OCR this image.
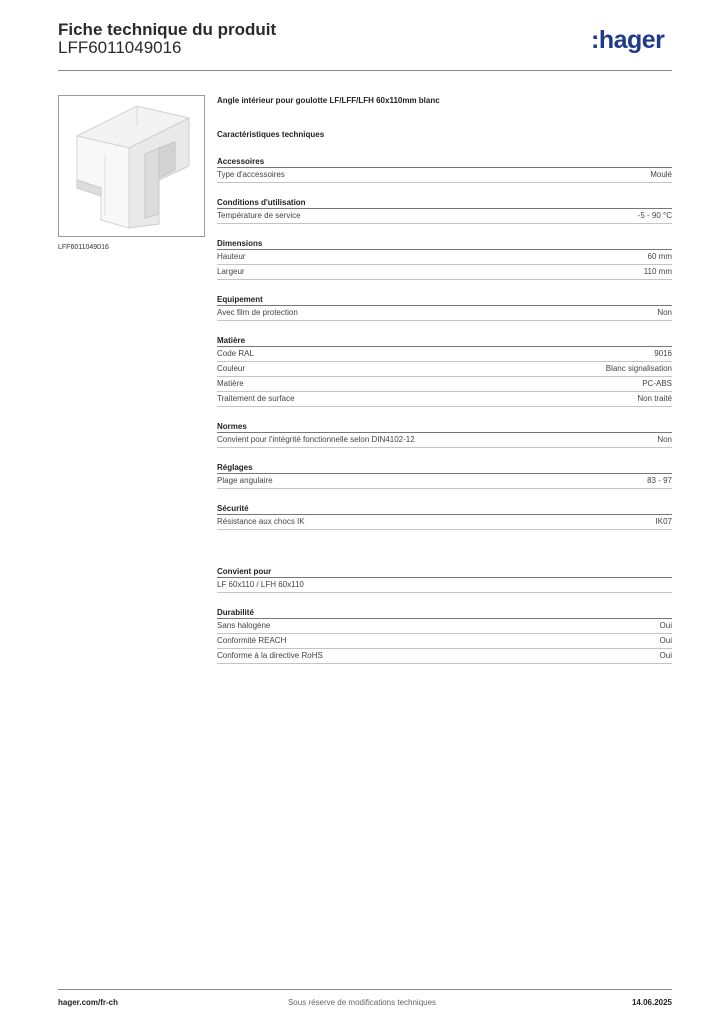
Fiche technique du produit
LFF6011049016	:hager
LFF6011049016
Angle intérieur pour goulotte LF/LFF/LFH 60x110mm blanc
Caractéristiques techniques
Accessoires
Type d'accessoires	Moulé
Conditions d'utilisation
Température de service	-5 - 90 °C
Dimensions
Hauteur	60 mm
Largeur	110 mm
Equipement
Avec film de protection	Non
Matière
Code RAL	9016
Couleur	Blanc signalisation
Matière	PC-ABS
Traitement de surface	Non traité
Normes
Convient pour l'intégrité fonctionnelle selon DIN4102-12	Non
Réglages
Plage angulaire	83 - 97
Sécurité
Résistance aux chocs IK	IK07
Convient pour
LF 60x110 / LFH 60x110
Durabilité
Sans halogène	Oui
Conformité REACH	Oui
Conforme à la directive RoHS	Oui
hager.com/fr-ch	Sous réserve de modifications techniques	14.06.2025
